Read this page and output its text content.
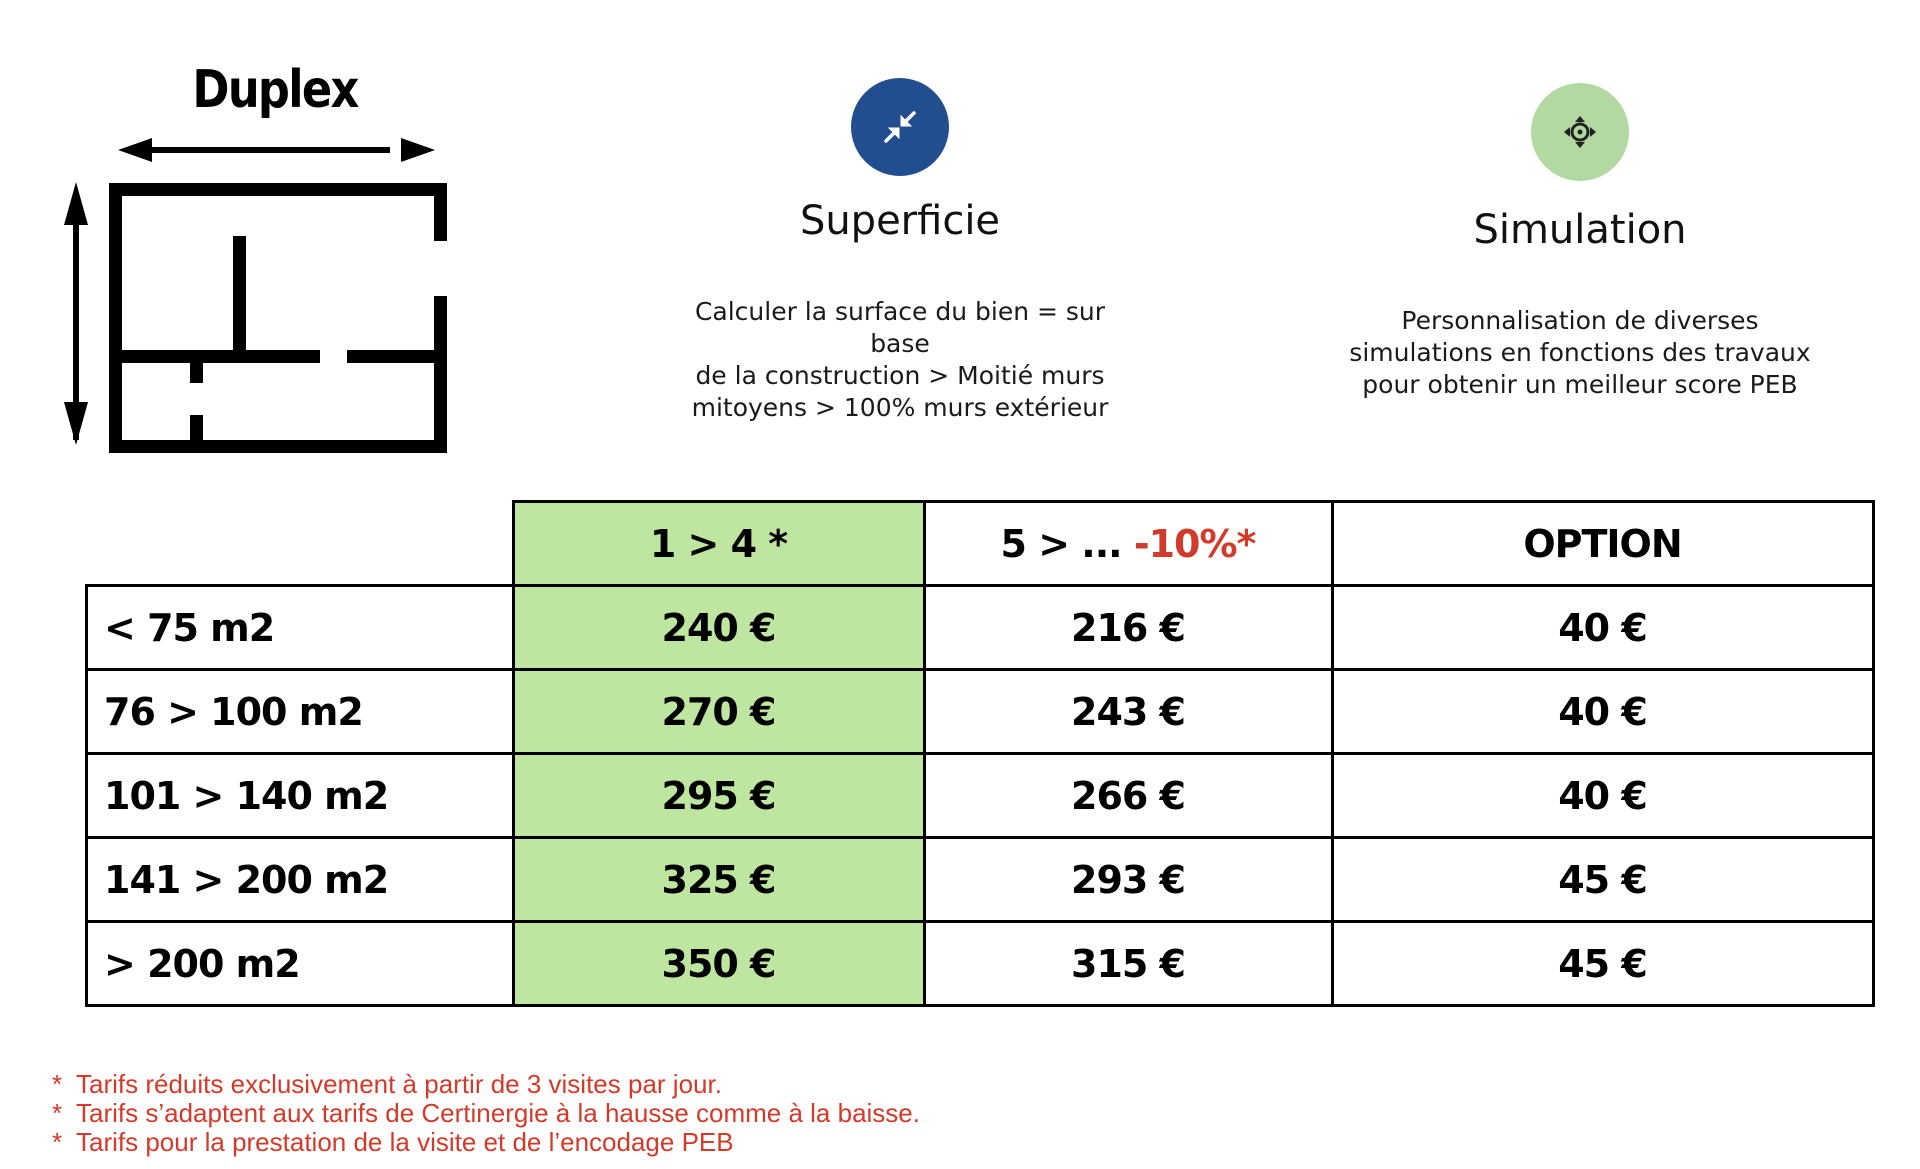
Duplex
Superficie
Calculer la surface du bien = sur base
de la construction > Moitié murs
mitoyens > 100% murs extérieur
Simulation
Personnalisation de diverses
simulations en fonctions des travaux
pour obtenir un meilleur score PEB
	1 > 4 *	5 > ... -10%*	OPTION
< 75 m2	240 €	216 €	40 €
76 > 100 m2	270 €	243 €	40 €
101 > 140 m2	295 €	266 €	40 €
141 > 200 m2	325 €	293 €	45 €
> 200 m2	350 €	315 €	45 €
* Tarifs réduits exclusivement à partir de 3 visites par jour.
* Tarifs s’adaptent aux tarifs de Certinergie à la hausse comme à la baisse.
* Tarifs pour la prestation de la visite et de l’encodage PEB
